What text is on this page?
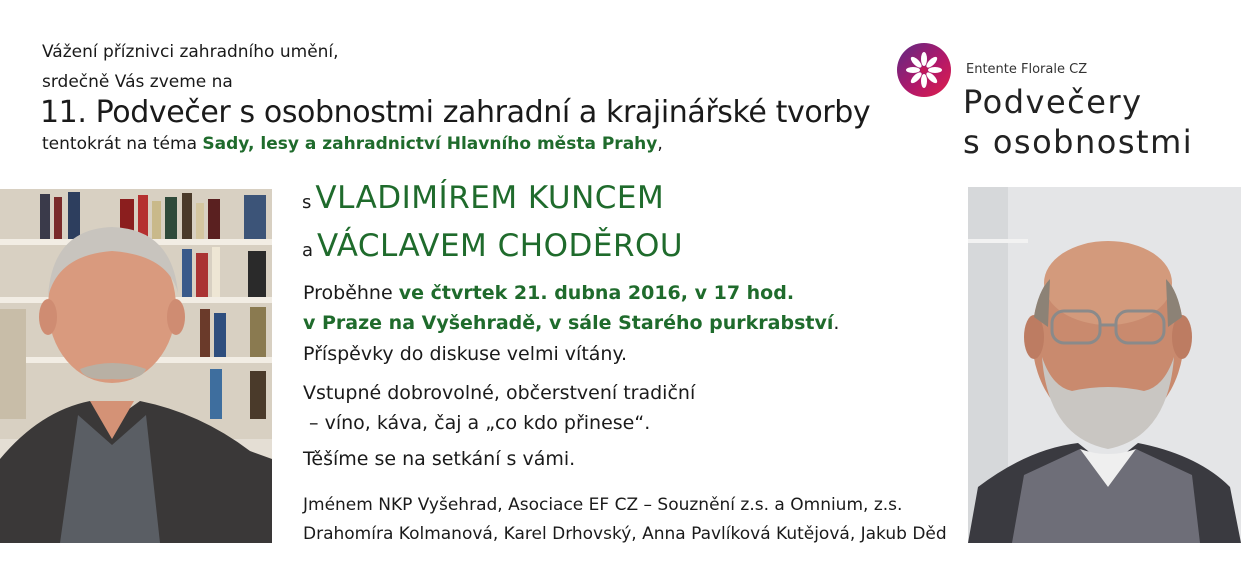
Vážení příznivci zahradního umění,
srdečně Vás zveme na
11. Podvečer s osobnostmi zahradní a krajinářské tvorby
tentokrát na téma Sady, lesy a zahradnictví Hlavního města Prahy,
Entente Florale CZ
Podvečery
s osobnostmi
s VLADIMÍREM KUNCEM
a VÁCLAVEM CHODĚROU
Proběhne ve čtvrtek 21. dubna 2016, v 17 hod.
v Praze na Vyšehradě, v sále Starého purkrabství.
Příspěvky do diskuse velmi vítány.
Vstupné dobrovolné, občerstvení tradiční
– víno, káva, čaj a „co kdo přinese“.
Těšíme se na setkání s vámi.
Jménem NKP Vyšehrad, Asociace EF CZ – Souznění z.s. a Omnium, z.s.
Drahomíra Kolmanová, Karel Drhovský, Anna Pavlíková Kutějová, Jakub Děd
